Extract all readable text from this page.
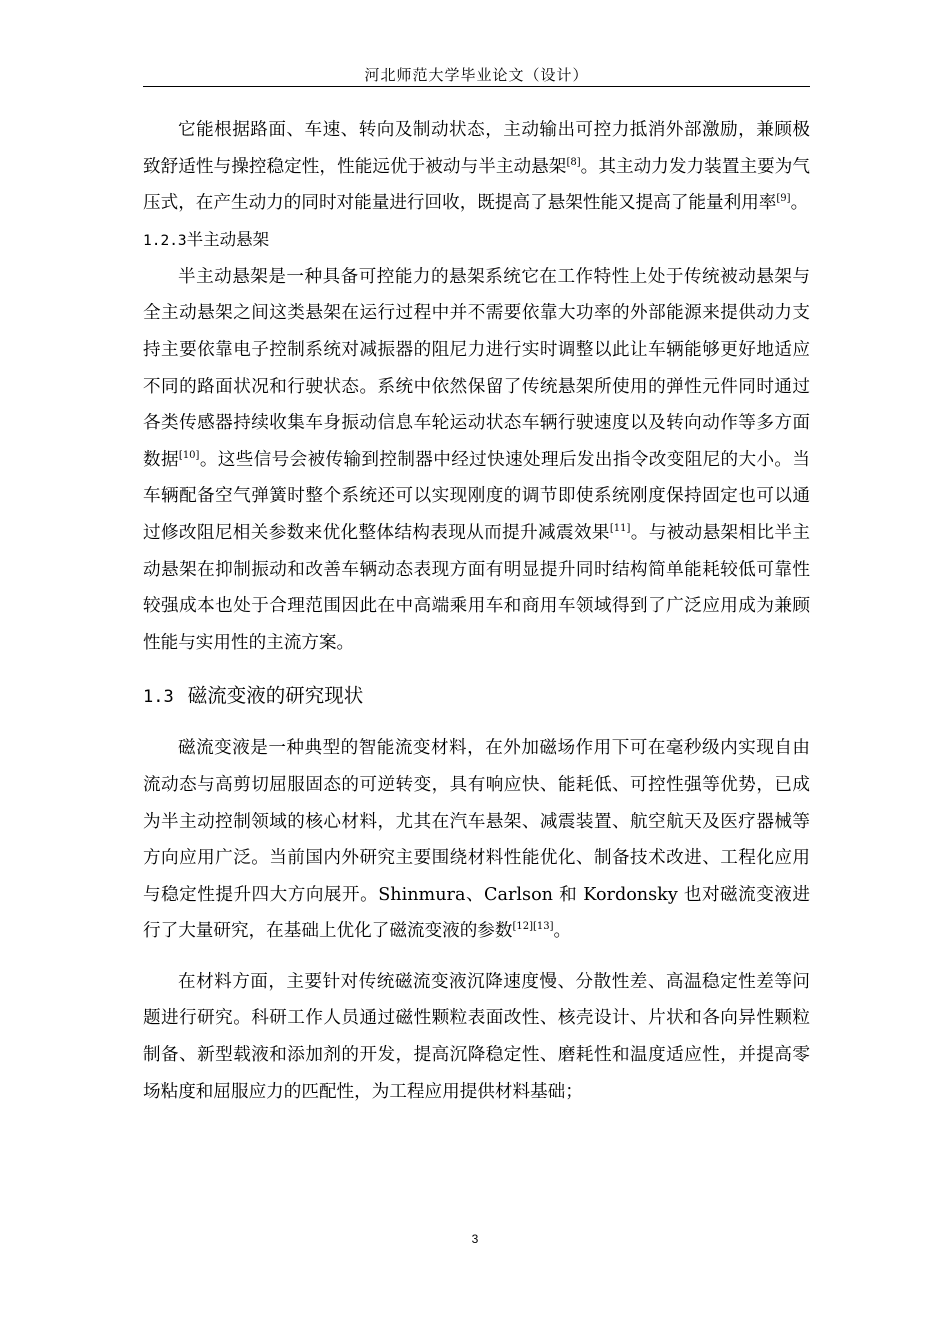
河北师范大学毕业论文（设计）

它能根据路面、车速、转向及制动状态，主动输出可控力抵消外部激励，兼顾极致舒适性与操控稳定性，性能远优于被动与半主动悬架[8]。其主动力发力装置主要为气压式，在产生动力的同时对能量进行回收，既提高了悬架性能又提高了能量利用率[9]。

1.2.3半主动悬架

半主动悬架是一种具备可控能力的悬架系统它在工作特性上处于传统被动悬架与全主动悬架之间这类悬架在运行过程中并不需要依靠大功率的外部能源来提供动力支持主要依靠电子控制系统对减振器的阻尼力进行实时调整以此让车辆能够更好地适应不同的路面状况和行驶状态。系统中依然保留了传统悬架所使用的弹性元件同时通过各类传感器持续收集车身振动信息车轮运动状态车辆行驶速度以及转向动作等多方面数据[10]。这些信号会被传输到控制器中经过快速处理后发出指令改变阻尼的大小。当车辆配备空气弹簧时整个系统还可以实现刚度的调节即使系统刚度保持固定也可以通过修改阻尼相关参数来优化整体结构表现从而提升减震效果[11]。与被动悬架相比半主动悬架在抑制振动和改善车辆动态表现方面有明显提升同时结构简单能耗较低可靠性较强成本也处于合理范围因此在中高端乘用车和商用车领域得到了广泛应用成为兼顾性能与实用性的主流方案。

1.3 磁流变液的研究现状

磁流变液是一种典型的智能流变材料，在外加磁场作用下可在毫秒级内实现自由流动态与高剪切屈服固态的可逆转变，具有响应快、能耗低、可控性强等优势，已成为半主动控制领域的核心材料，尤其在汽车悬架、减震装置、航空航天及医疗器械等方向应用广泛。当前国内外研究主要围绕材料性能优化、制备技术改进、工程化应用与稳定性提升四大方向展开。Shinmura、Carlson 和 Kordonsky 也对磁流变液进行了大量研究，在基础上优化了磁流变液的参数[12][13]。

在材料方面，主要针对传统磁流变液沉降速度慢、分散性差、高温稳定性差等问题进行研究。科研工作人员通过磁性颗粒表面改性、核壳设计、片状和各向异性颗粒制备、新型载液和添加剂的开发，提高沉降稳定性、磨耗性和温度适应性，并提高零场粘度和屈服应力的匹配性，为工程应用提供材料基础；

3
